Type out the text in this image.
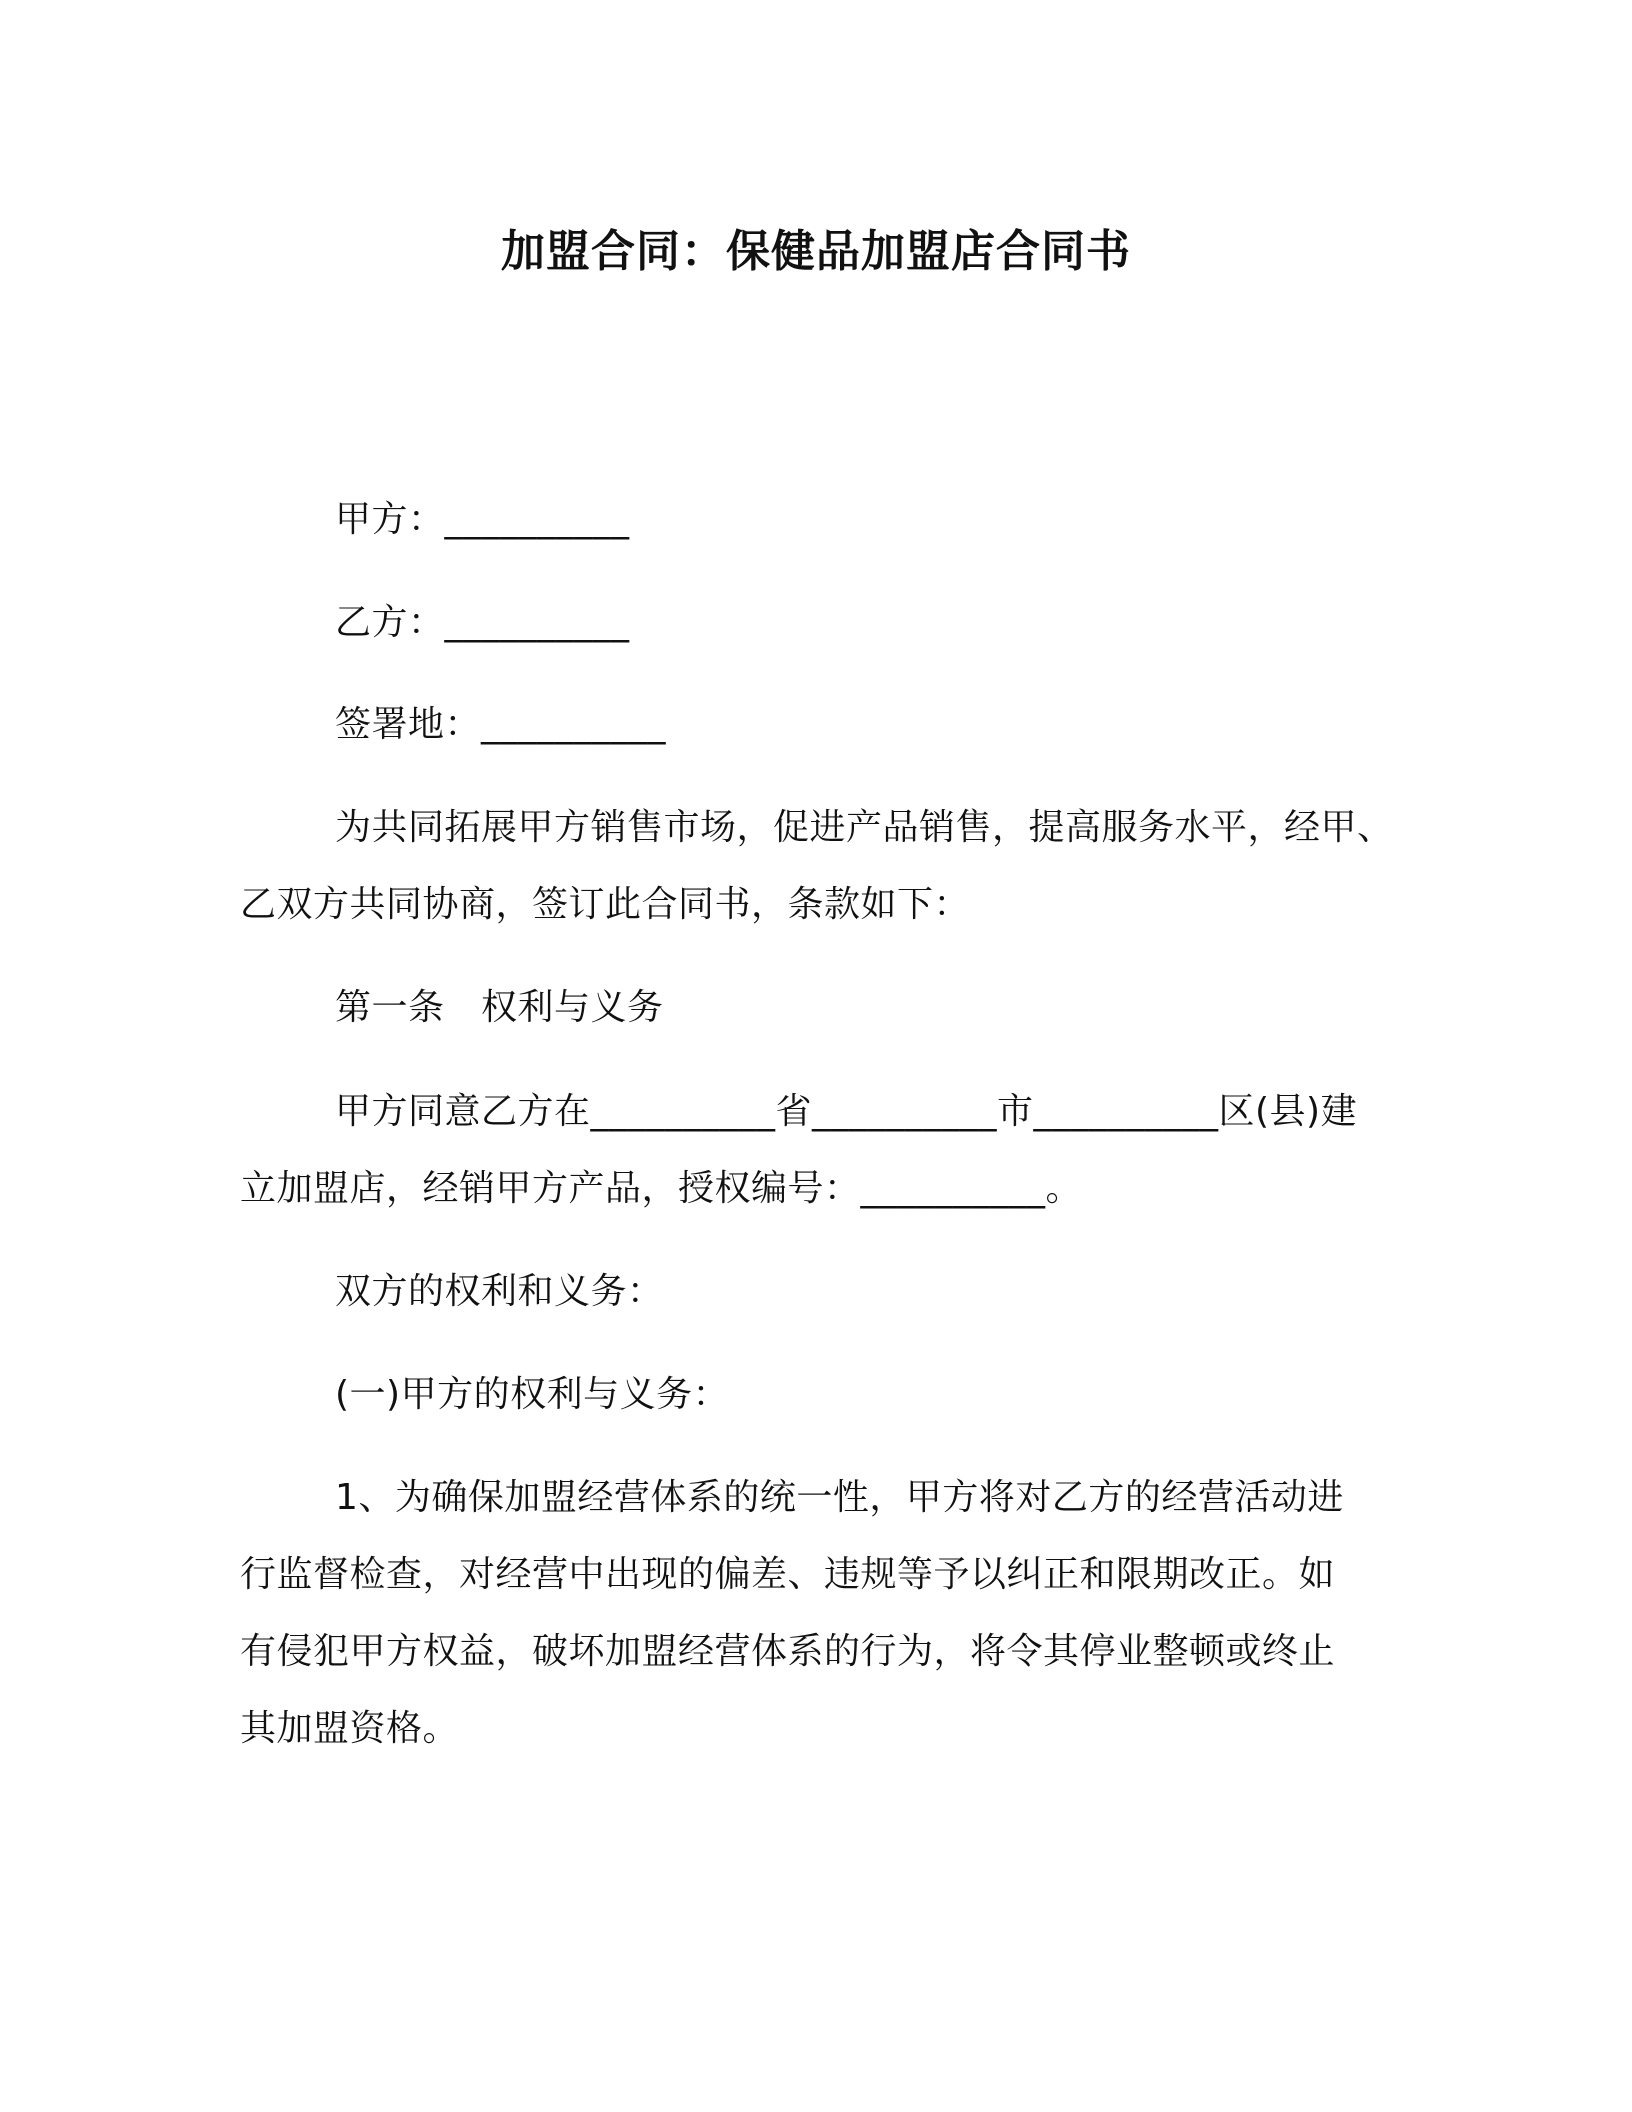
加盟合同：保健品加盟店合同书
甲方：__________
乙方：__________
签署地：__________
为共同拓展甲方销售市场，促进产品销售，提高服务水平，经甲、
乙双方共同协商，签订此合同书，条款如下：
第一条　权利与义务
甲方同意乙方在__________省__________市__________区(县)建
立加盟店，经销甲方产品，授权编号：__________。
双方的权利和义务：
(一)甲方的权利与义务：
1、为确保加盟经营体系的统一性，甲方将对乙方的经营活动进
行监督检查，对经营中出现的偏差、违规等予以纠正和限期改正。如
有侵犯甲方权益，破坏加盟经营体系的行为，将令其停业整顿或终止
其加盟资格。
